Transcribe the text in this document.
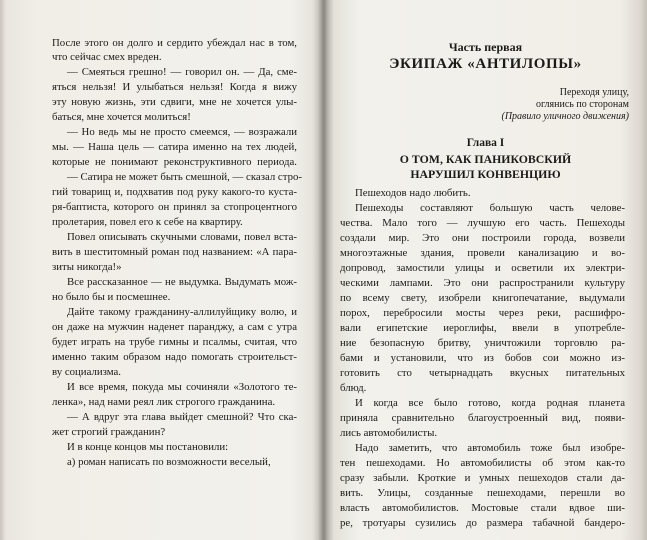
После этого он долго и сердито убеждал нас в том,
что сейчас смех вреден.
— Смеяться грешно! — говорил он. — Да, сме-
яться нельзя! И улыбаться нельзя! Когда я вижу
эту новую жизнь, эти сдвиги, мне не хочется улы-
баться, мне хочется молиться!
— Но ведь мы не просто смеемся, — возражали
мы. — Наша цель — сатира именно на тех людей,
которые не понимают реконструктивного периода.
— Сатира не может быть смешной, — сказал стро-
гий товарищ и, подхватив под руку какого-то куста-
ря-баптиста, которого он принял за стопроцентного
пролетария, повел его к себе на квартиру.
Повел описывать скучными словами, повел вста-
вить в шеститомный роман под названием: «А пара-
зиты никогда!»
Все рассказанное — не выдумка. Выдумать мож-
но было бы и посмешнее.
Дайте такому гражданину-аллилуйщику волю, и
он даже на мужчин наденет паранджу, а сам с утра
будет играть на трубе гимны и псалмы, считая, что
именно таким образом надо помогать строительст-
ву социализма.
И все время, покуда мы сочиняли «Золотого те-
ленка», над нами реял лик строгого гражданина.
— А вдруг эта глава выйдет смешной? Что ска-
жет строгий гражданин?
И в конце концов мы постановили:
а) роман написать по возможности веселый,
Часть первая
ЭКИПАЖ «АНТИЛОПЫ»
Переходя улицу,
оглянись по сторонам
(Правило уличного движения)
Глава I
О ТОМ, КАК ПАНИКОВСКИЙ
НАРУШИЛ КОНВЕНЦИЮ
Пешеходов надо любить.
Пешеходы составляют большую часть челове-
чества. Мало того — лучшую его часть. Пешеходы
создали мир. Это они построили города, возвели
многоэтажные здания, провели канализацию и во-
допровод, замостили улицы и осветили их электри-
ческими лампами. Это они распространили культуру
по всему свету, изобрели книгопечатание, выдумали
порох, перебросили мосты через реки, расшифро-
вали египетские иероглифы, ввели в употребле-
ние безопасную бритву, уничтожили торговлю ра-
бами и установили, что из бобов сои можно из-
готовить сто четырнадцать вкусных питательных
блюд.
И когда все было готово, когда родная планета
приняла сравнительно благоустроенный вид, появи-
лись автомобилисты.
Надо заметить, что автомобиль тоже был изобре-
тен пешеходами. Но автомобилисты об этом как-то
сразу забыли. Кроткие и умных пешеходов стали да-
вить. Улицы, созданные пешеходами, перешли во
власть автомобилистов. Мостовые стали вдвое ши-
ре, тротуары сузились до размера табачной бандеро-
